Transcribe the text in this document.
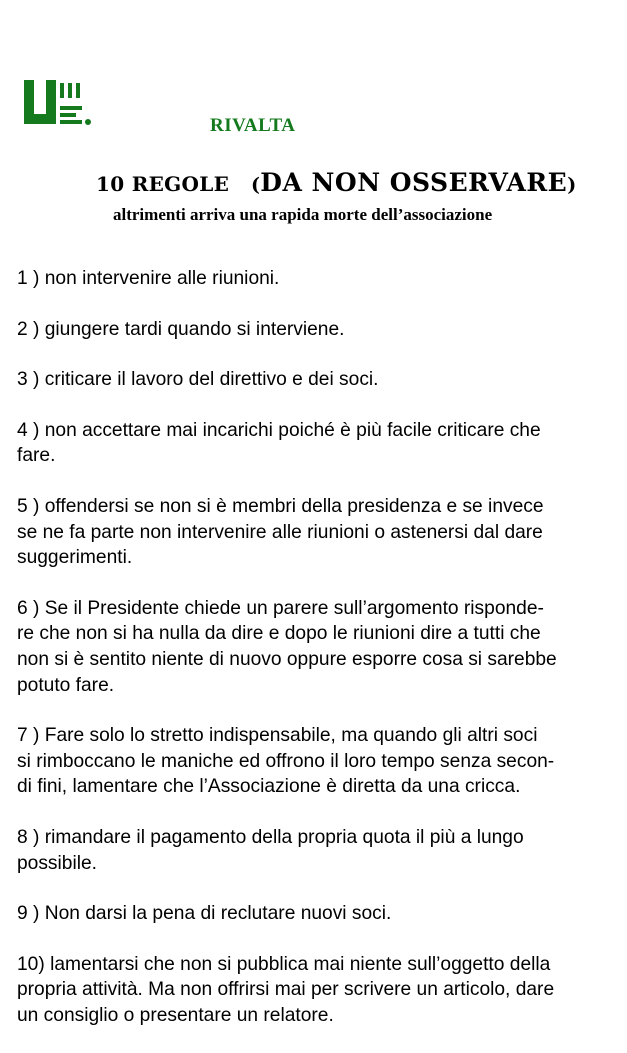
RIVALTA
10 REGOLE (DA NON OSSERVARE)
altrimenti arriva una rapida morte dell’associazione
1 ) non intervenire alle riunioni.
2 ) giungere tardi quando si interviene.
3 ) criticare il lavoro del direttivo e dei soci.
4 ) non accettare mai incarichi poiché è più facile criticare che
fare.
5 ) offendersi se non si è membri della presidenza e se invece
se ne fa parte non intervenire alle riunioni o astenersi dal dare
suggerimenti.
6 ) Se il Presidente chiede un parere sull’argomento risponde-
re che non si ha nulla da dire e dopo le riunioni dire a tutti che
non si è sentito niente di nuovo oppure esporre cosa si sarebbe
potuto fare.
7 ) Fare solo lo stretto indispensabile, ma quando gli altri soci
si rimboccano le maniche ed offrono il loro tempo senza secon-
di fini, lamentare che l’Associazione è diretta da una cricca.
8 ) rimandare il pagamento della propria quota il più a lungo
possibile.
9 ) Non darsi la pena di reclutare nuovi soci.
10) lamentarsi che non si pubblica mai niente sull’oggetto della
propria attività. Ma non offrirsi mai per scrivere un articolo, dare
un consiglio o presentare un relatore.
